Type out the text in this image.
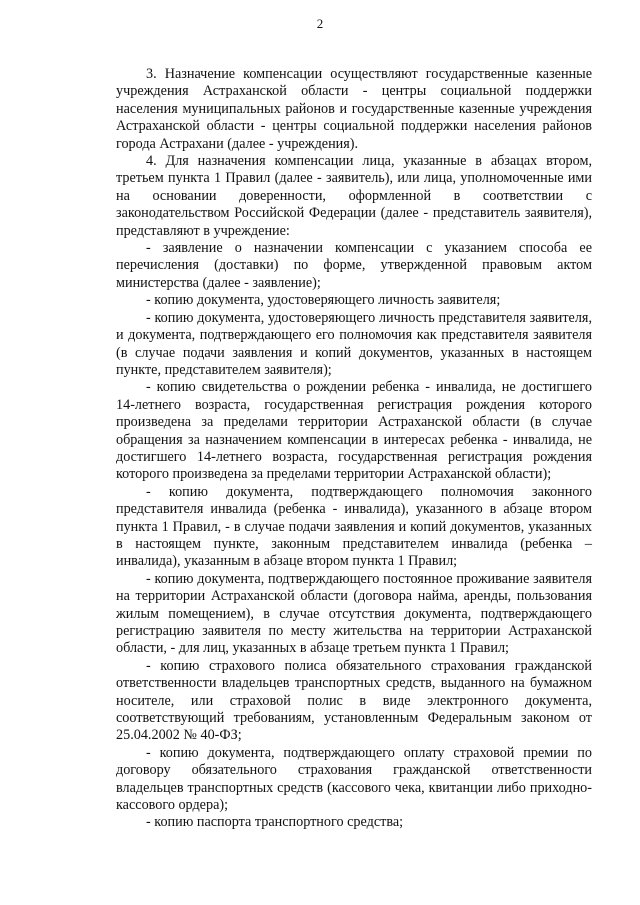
2

3. Назначение компенсации осуществляют государственные казенные учреждения Астраханской области - центры социальной поддержки населения муниципальных районов и государственные казенные учреждения Астраханской области - центры социальной поддержки населения районов города Астрахани (далее - учреждения).

4. Для назначения компенсации лица, указанные в абзацах втором, третьем пункта 1 Правил (далее - заявитель), или лица, уполномоченные ими на основании доверенности, оформленной в соответствии с законодательством Российской Федерации (далее - представитель заявителя), представляют в учреждение:

- заявление о назначении компенсации с указанием способа ее перечисления (доставки) по форме, утвержденной правовым актом министерства (далее - заявление);

- копию документа, удостоверяющего личность заявителя;

- копию документа, удостоверяющего личность представителя заявителя, и документа, подтверждающего его полномочия как представителя заявителя (в случае подачи заявления и копий документов, указанных в настоящем пункте, представителем заявителя);

- копию свидетельства о рождении ребенка - инвалида, не достигшего 14-летнего возраста, государственная регистрация рождения которого произведена за пределами территории Астраханской области (в случае обращения за назначением компенсации в интересах ребенка - инвалида, не достигшего 14-летнего возраста, государственная регистрация рождения которого произведена за пределами территории Астраханской области);

- копию документа, подтверждающего полномочия законного представителя инвалида (ребенка - инвалида), указанного в абзаце втором пункта 1 Правил, - в случае подачи заявления и копий документов, указанных в настоящем пункте, законным представителем инвалида (ребенка – инвалида), указанным в абзаце втором пункта 1 Правил;

- копию документа, подтверждающего постоянное проживание заявителя на территории Астраханской области (договора найма, аренды, пользования жилым помещением), в случае отсутствия документа, подтверждающего регистрацию заявителя по месту жительства на территории Астраханской области, - для лиц, указанных в абзаце третьем пункта 1 Правил;

- копию страхового полиса обязательного страхования гражданской ответственности владельцев транспортных средств, выданного на бумажном носителе, или страховой полис в виде электронного документа, соответствующий требованиям, установленным Федеральным законом от 25.04.2002 № 40-ФЗ;

- копию документа, подтверждающего оплату страховой премии по договору обязательного страхования гражданской ответственности владельцев транспортных средств (кассового чека, квитанции либо приходно-кассового ордера);

- копию паспорта транспортного средства;
